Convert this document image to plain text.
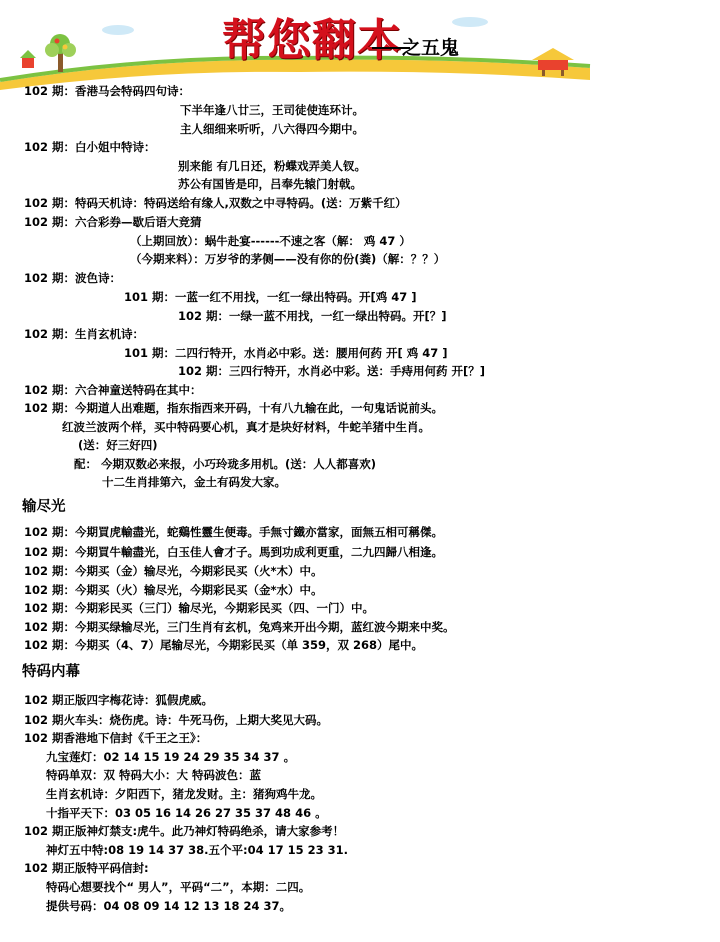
帮您翻本 之五鬼
102 期：香港马会特码四句诗：
下半年逢八廿三，王司徒使连环计。
主人细细来听听，八六得四今期中。
102 期：白小姐中特诗：
别来能 有几日还，粉蝶戏弄美人钗。
苏公有国皆是印，吕奉先辕门射戟。
102 期：特码天机诗：特码送给有缘人,双数之中寻特码。(送：万紫千红）
102 期：六合彩券—歇后语大竞猜
（上期回放）：蜗牛赴宴------不速之客（解： 鸡 47 ）
（今期来料）：万岁爷的茅侧——没有你的份(粪)（解：？？）
102 期：波色诗：
101 期：一蓝一红不用找，一红一绿出特码。开[鸡 47 ]
102 期：一绿一蓝不用找，一红一绿出特码。开[？]
102 期：生肖玄机诗：
101 期：二四行特开，水肖必中彩。送：腰用何药 开[ 鸡 47 ]
102 期：三四行特开，水肖必中彩。送：手痔用何药 开[？]
102 期：六合神童送特码在其中：
102 期：今期道人出难题，指东指西来开码，十有八九输在此，一句鬼话说前头。
红波兰波两个样，买中特码要心机，真才是块好材料，牛蛇羊猪中生肖。
(送：好三好四)
配： 今期双数必来报，小巧玲珑多用机。(送：人人都喜欢)
十二生肖排第六，金土有码发大家。
输尽光
102 期：今期買虎輸盡光，蛇鷄性靈生便毒。手無寸鐵亦當家，面無五相可稱傑。
102 期：今期買牛輸盡光，白玉佳人會才子。馬到功成利更重，二九四歸八相逢。
102 期：今期买（金）输尽光，今期彩民买（火*木）中。
102 期：今期买（火）输尽光，今期彩民买（金*水）中。
102 期：今期彩民买（三门）输尽光，今期彩民买（四、一门）中。
102 期：今期买绿输尽光，三门生肖有玄机，兔鸡来开出今期，蓝红波今期来中奖。
102 期：今期买（4、7）尾输尽光，今期彩民买（单 359，双 268）尾中。
特码内幕
102 期正版四字梅花诗：狐假虎威。
102 期火车头：烧伤虎。诗：牛死马伤，上期大奖见大码。
102 期香港地下信封《千王之王》：
九宝莲灯：02 14 15 19 24 29 35 34 37 。
特码单双：双 特码大小：大 特码波色：蓝
生肖玄机诗：夕阳西下，猪龙发财。主：猪狗鸡牛龙。
十指平天下：03 05 16 14 26 27 35 37 48 46 。
102 期正版神灯禁支:虎牛。此乃神灯特码绝杀，请大家参考！
神灯五中特:08 19 14 37 38.五个平:04 17 15 23 31.
102 期正版特平码信封:
特码心想要找个“ 男人”，平码“二”，本期：二四。
提供号码：04 08 09 14 12 13 18 24 37。
